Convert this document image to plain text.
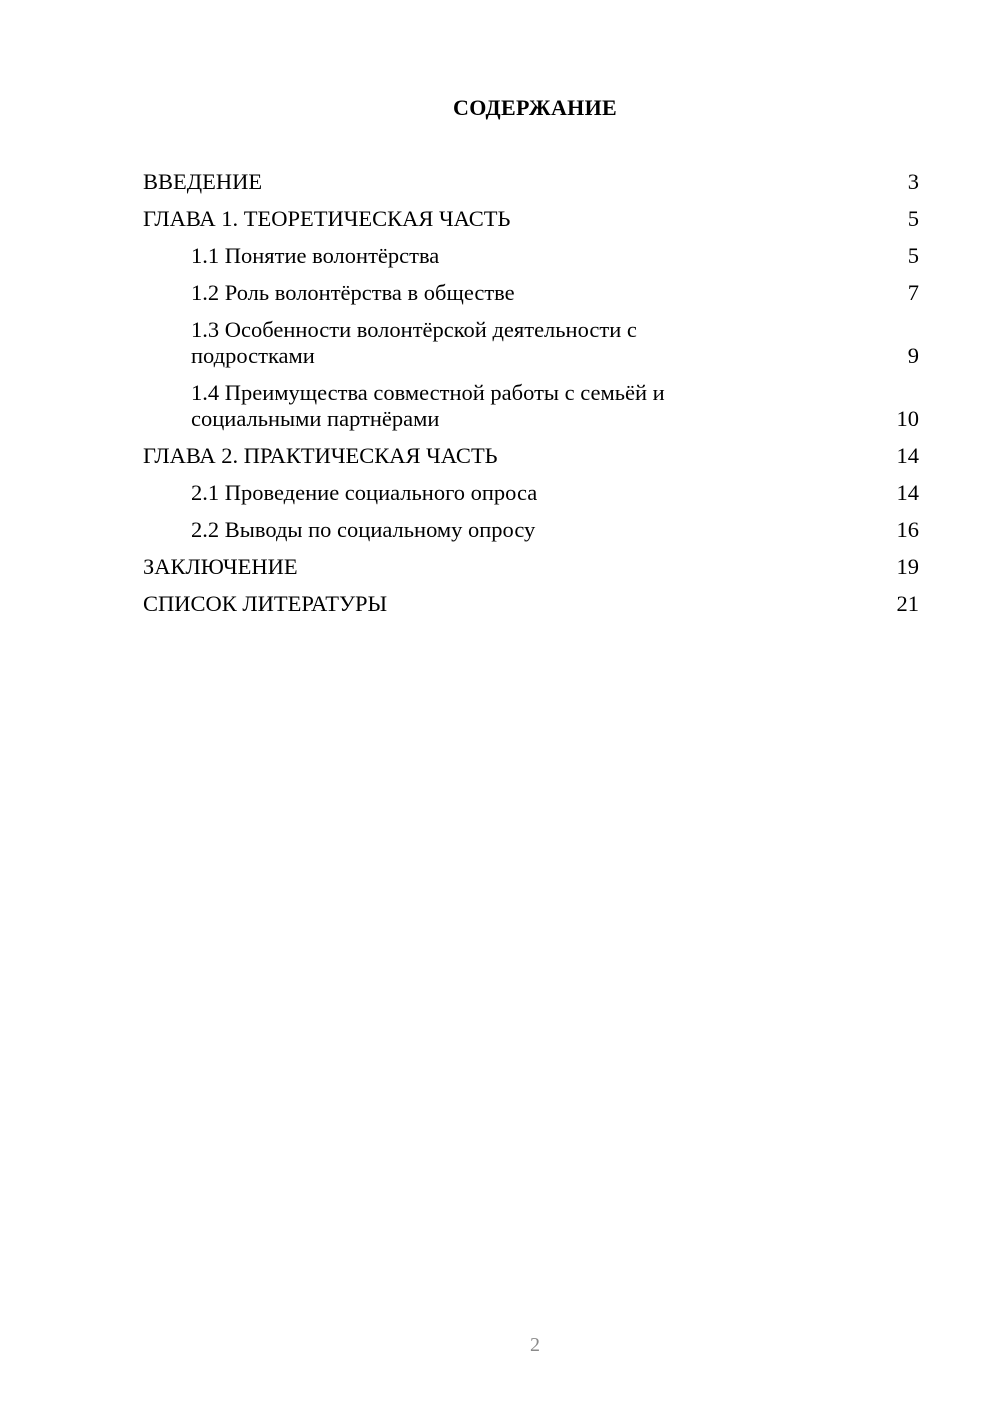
СОДЕРЖАНИЕ
ВВЕДЕНИЕ	3
ГЛАВА 1. ТЕОРЕТИЧЕСКАЯ ЧАСТЬ	5
1.1 Понятие волонтёрства	5
1.2 Роль волонтёрства в обществе	7
1.3 Особенности волонтёрской деятельности с подростками	9
1.4 Преимущества совместной работы с семьёй и социальными партнёрами	10
ГЛАВА 2. ПРАКТИЧЕСКАЯ ЧАСТЬ	14
2.1 Проведение социального опроса	14
2.2 Выводы по социальному опросу	16
ЗАКЛЮЧЕНИЕ	19
СПИСОК ЛИТЕРАТУРЫ	21
2
